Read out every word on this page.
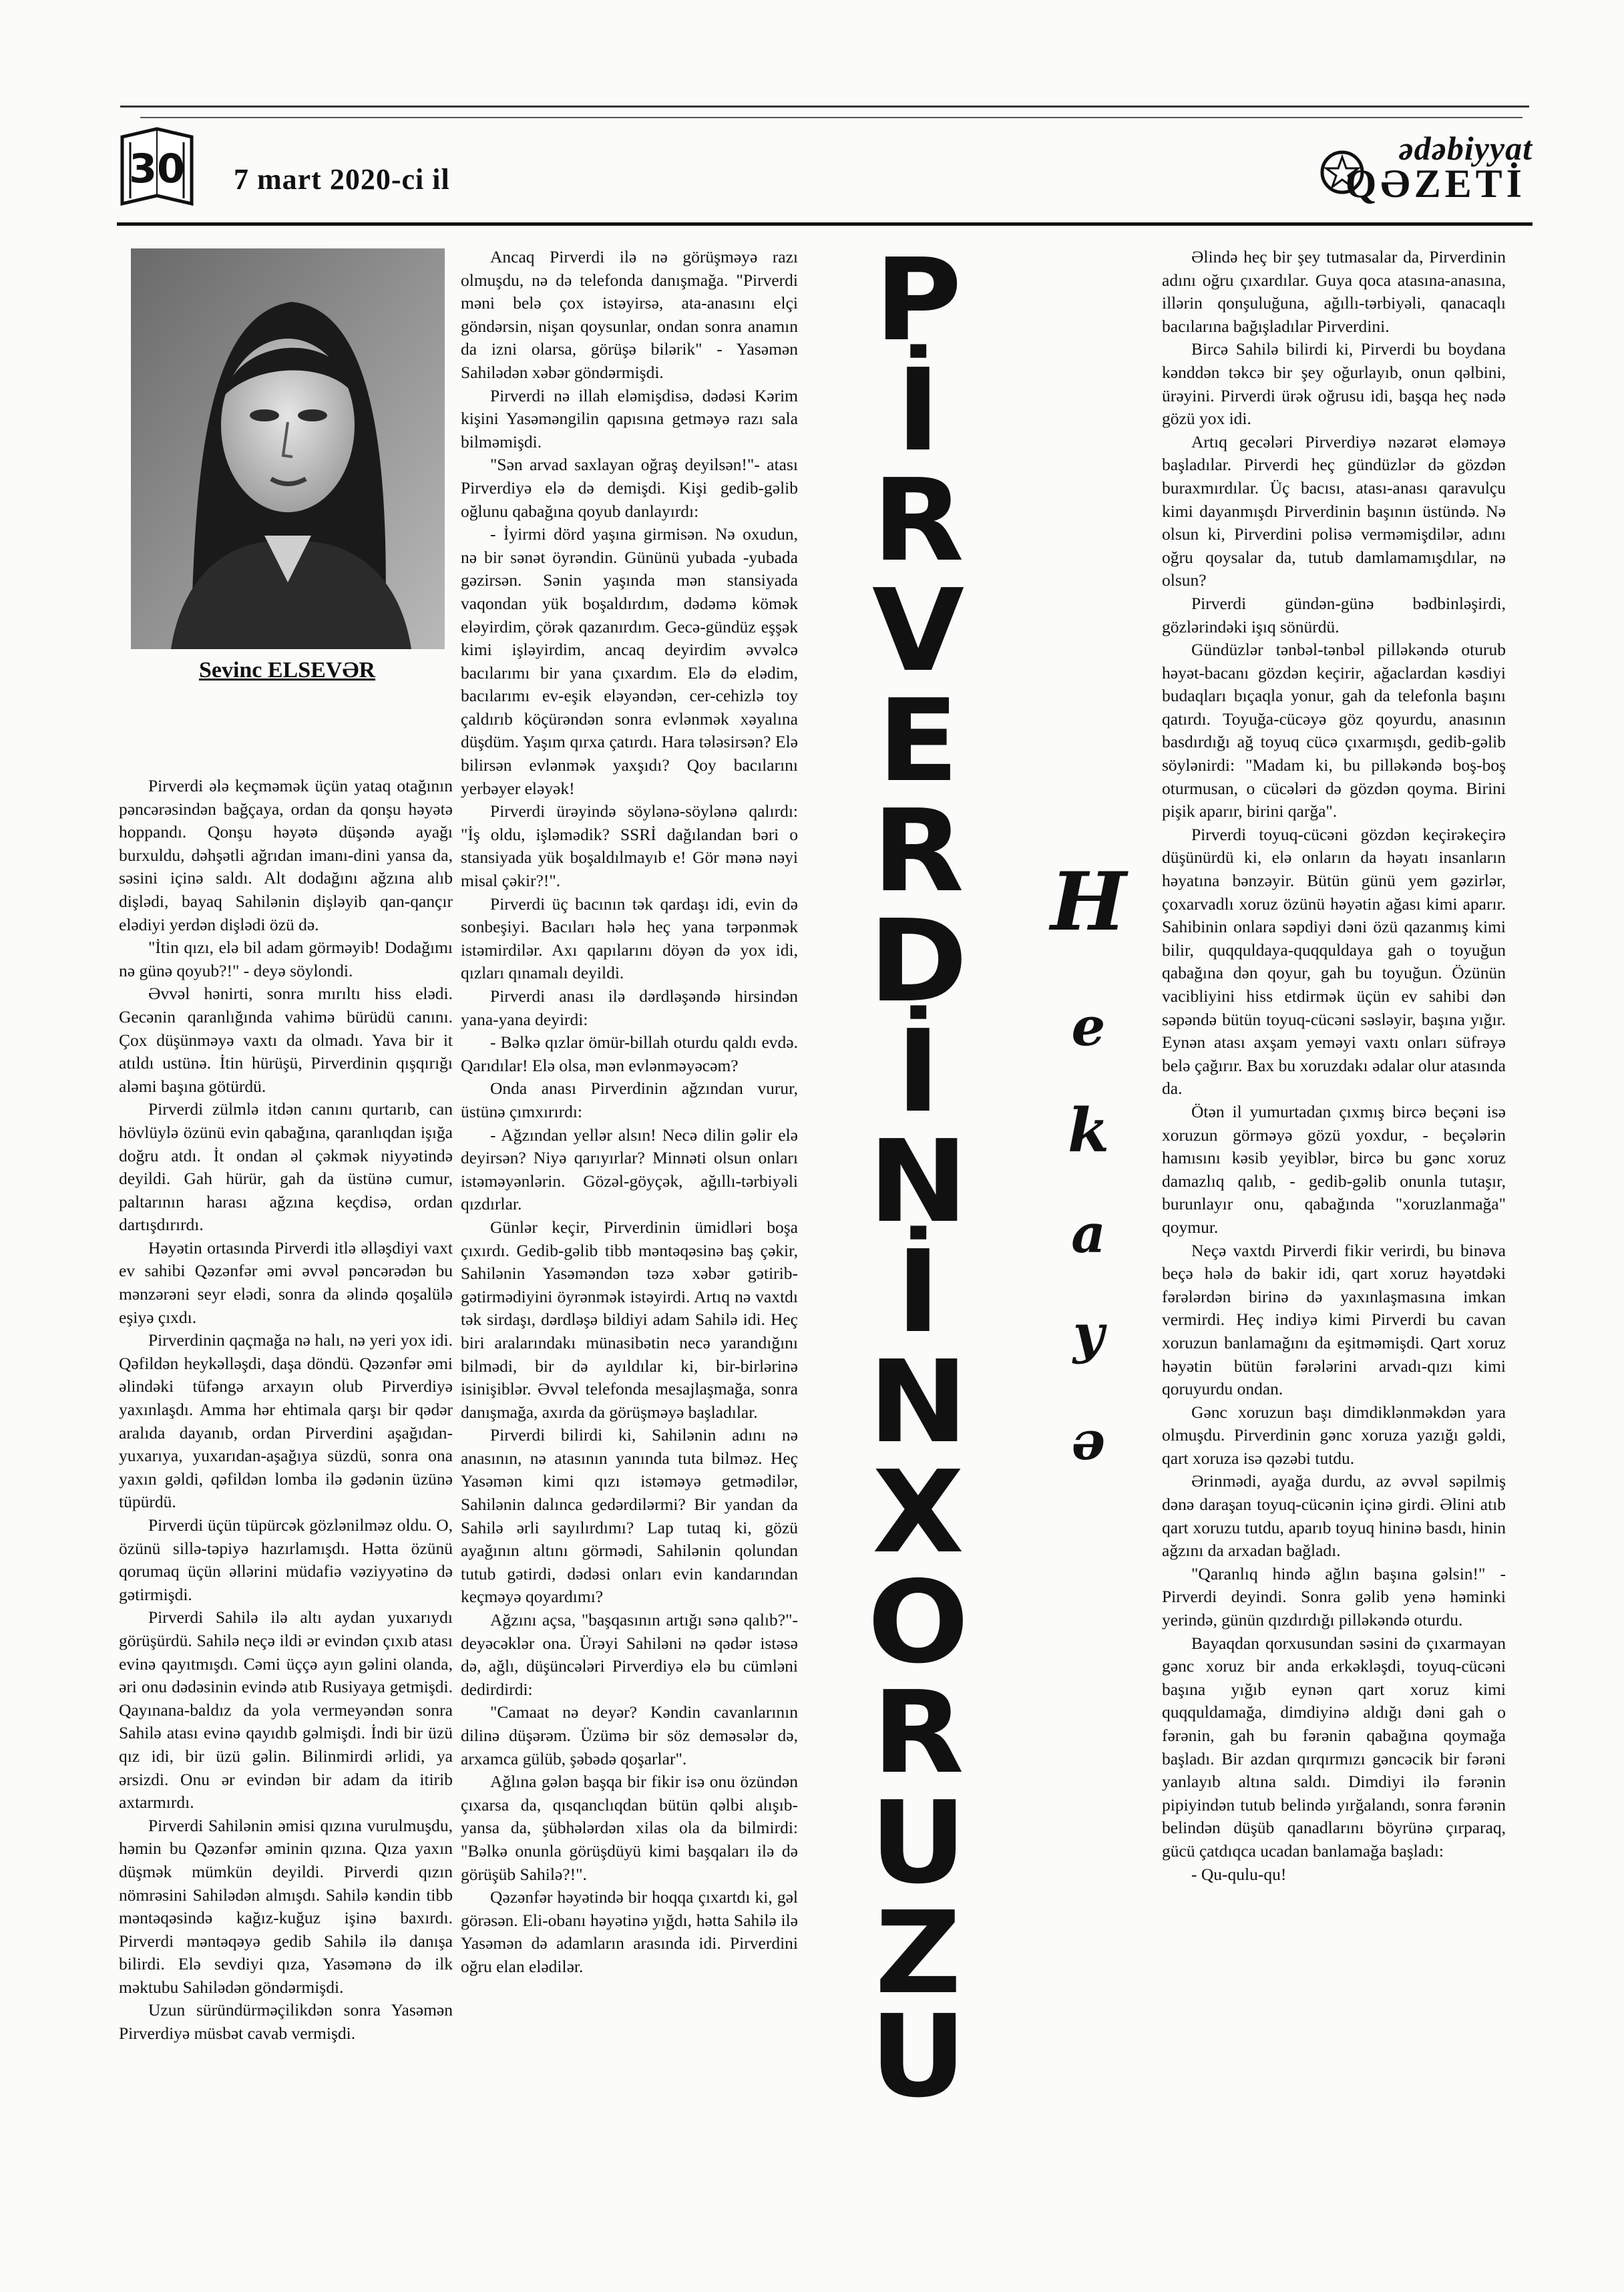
30 7 mart 2020-ci il
ədəbiyyat
QƏZETİ
Sevinc ELSEVƏR

Pirverdi ələ keçməmək üçün yataq otağının pəncərəsindən bağçaya, ordan da qonşu həyətə hoppandı. Qonşu həyətə düşəndə ayağı burxuldu, dəhşətli ağrıdan imanı-dini yansa da, səsini içinə saldı. Alt dodağını ağzına alıb dişlədi, bayaq Sahilənin dişləyib qan-qançır elədiyi yerdən dişlədi özü də.

"İtin qızı, elə bil adam görməyib! Dodağımı nə günə qoyub?!" - deyə söylondi.

Əvvəl hənirti, sonra mırıltı hiss elədi. Gecənin qaranlığında vahimə bürüdü canını. Çox düşünməyə vaxtı da olmadı. Yava bir it atıldı ustünə. İtin hürüşü, Pirverdinin qışqırığı aləmi başına götürdü.

Pirverdi zülmlə itdən canını qurtarıb, can hövlüylə özünü evin qabağına, qaranlıqdan işığa doğru atdı. İt ondan əl çəkmək niyyətində deyildi. Gah hürür, gah da üstünə cumur, paltarının harası ağzına keçdisə, ordan dartışdırırdı.

Həyətin ortasında Pirverdi itlə əlləşdiyi vaxt ev sahibi Qəzənfər əmi əvvəl pəncərədən bu mənzərəni seyr elədi, sonra da əlində qoşalülə eşiyə çıxdı.

Pirverdinin qaçmağa nə halı, nə yeri yox idi. Qəfildən heykəlləşdi, daşa döndü. Qəzənfər əmi əlindəki tüfəngə arxayın olub Pirverdiyə yaxınlaşdı. Amma hər ehtimala qarşı bir qədər aralıda dayanıb, ordan Pirverdini aşağıdan-yuxarıya, yuxarıdan-aşağıya süzdü, sonra ona yaxın gəldi, qəfildən lomba ilə gədənin üzünə tüpürdü.

Pirverdi üçün tüpürcək gözlənilməz oldu. O, özünü sillə-təpiyə hazırlamışdı. Hətta özünü qorumaq üçün əllərini müdafiə vəziyyətinə də gətirmişdi.

Pirverdi Sahilə ilə altı aydan yuxarıydı görüşürdü. Sahilə neçə ildi ər evindən çıxıb atası evinə qayıtmışdı. Cəmi üççə ayın gəlini olanda, əri onu dədəsinin evində atıb Rusiyaya getmişdi. Qayınana-baldız da yola vermeyəndən sonra Sahilə atası evinə qayıdıb gəlmişdi. İndi bir üzü qız idi, bir üzü gəlin. Bilinmirdi ərlidi, ya ərsizdi. Onu ər evindən bir adam da itirib axtarmırdı.

Pirverdi Sahilənin əmisi qızına vurulmuşdu, həmin bu Qəzənfər əminin qızına. Qıza yaxın düşmək mümkün deyildi. Pirverdi qızın nömrəsini Sahilədən almışdı. Sahilə kəndin tibb məntəqəsində kağız-kuğuz işinə baxırdı. Pirverdi məntəqəyə gedib Sahilə ilə danışa bilirdi. Elə sevdiyi qıza, Yasəmənə də ilk məktubu Sahilədən göndərmişdi.

Uzun süründürməçilikdən sonra Yasəmən Pirverdiyə müsbət cavab vermişdi.

Ancaq Pirverdi ilə nə görüşməyə razı olmuşdu, nə də telefonda danışmağa. "Pirverdi məni belə çox istəyirsə, ata-anasını elçi göndərsin, nişan qoysunlar, ondan sonra anamın da izni olarsa, görüşə bilərik" - Yasəmən Sahilədən xəbər göndərmişdi.

Pirverdi nə illah eləmişdisə, dədəsi Kərim kişini Yasəməngilin qapısına getməyə razı sala bilməmişdi.

"Sən arvad saxlayan oğraş deyilsən!"- atası Pirverdiyə elə də demişdi. Kişi gedib-gəlib oğlunu qabağına qoyub danlayırdı:

- İyirmi dörd yaşına girmisən. Nə oxudun, nə bir sənət öyrəndin. Gününü yubada -yubada gəzirsən. Sənin yaşında mən stansiyada vaqondan yük boşaldırdım, dədəmə kömək eləyirdim, çörək qazanırdım. Gecə-gündüz eşşək kimi işləyirdim, ancaq deyirdim əvvəlcə bacılarımı bir yana çıxardım. Elə də elədim, bacılarımı ev-eşik eləyəndən, cer-cehizlə toy çaldırıb köçürəndən sonra evlənmək xəyalına düşdüm. Yaşım qırxa çatırdı. Hara tələsirsən? Elə bilirsən evlənmək yaxşıdı? Qoy bacılarını yerbəyer eləyək!

Pirverdi ürəyində söylənə-söylənə qalırdı: "İş oldu, işləmədik? SSRİ dağılandan bəri o stansiyada yük boşaldılmayıb e! Gör mənə nəyi misal çəkir?!".

Pirverdi üç bacının tək qardaşı idi, evin də sonbeşiyi. Bacıları hələ heç yana tərpənmək istəmirdilər. Axı qapılarını döyən də yox idi, qızları qınamalı deyildi.

Pirverdi anası ilə dərdləşəndə hirsindən yana-yana deyirdi:

- Bəlkə qızlar ömür-billah oturdu qaldı evdə. Qarıdılar! Elə olsa, mən evlənməyəcəm?

Onda anası Pirverdinin ağzından vurur, üstünə çımxırırdı:

- Ağzından yellər alsın! Necə dilin gəlir elə deyirsən? Niyə qarıyırlar? Minnəti olsun onları istəməyənlərin. Gözəl-göyçək, ağıllı-tərbiyəli qızdırlar.

Günlər keçir, Pirverdinin ümidləri boşa çıxırdı. Gedib-gəlib tibb məntəqəsinə baş çəkir, Sahilənin Yasəməndən təzə xəbər gətirib-gətirmədiyini öyrənmək istəyirdi. Artıq nə vaxtdı tək sirdaşı, dərdləşə bildiyi adam Sahilə idi. Heç biri aralarındakı münasibətin necə yarandığını bilmədi, bir də ayıldılar ki, bir-birlərinə isinişiblər. Əvvəl telefonda mesajlaşmağa, sonra danışmağa, axırda da görüşməyə başladılar.

Pirverdi bilirdi ki, Sahilənin adını nə anasının, nə atasının yanında tuta bilməz. Heç Yasəmən kimi qızı istəməyə getmədilər, Sahilənin dalınca gedərdilərmi? Bir yandan da Sahilə ərli sayılırdımı? Lap tutaq ki, gözü ayağının altını görmədi, Sahilənin qolundan tutub gətirdi, dədəsi onları evin kandarından keçməyə qoyardımı?

Ağzını açsa, "başqasının artığı sənə qalıb?"- deyəcəklər ona. Ürəyi Sahiləni nə qədər istəsə də, ağlı, düşüncələri Pirverdiyə elə bu cümləni dedirdirdi:

"Camaat nə deyər? Kəndin cavanlarının dilinə düşərəm. Üzümə bir söz deməsələr də, arxamca gülüb, şəbədə qoşarlar".

Ağlına gələn başqa bir fikir isə onu özündən çıxarsa da, qısqanclıqdan bütün qəlbi alışıb-yansa da, şübhələrdən xilas ola da bilmirdi: "Bəlkə onunla görüşdüyü kimi başqaları ilə də görüşüb Sahilə?!".

Qəzənfər həyətində bir hoqqa çıxartdı ki, gəl görəsən. Eli-obanı həyətinə yığdı, hətta Sahilə ilə Yasəmən də adamların arasında idi. Pirverdini oğru elan elədilər.

P
İ
R
V
E
R
D
İ
N
İ
N
X
O
R
U
Z
U
H
e
k
a
y
ə

Əlində heç bir şey tutmasalar da, Pirverdinin adını oğru çıxardılar. Guya qoca atasına-anasına, illərin qonşuluğuna, ağıllı-tərbiyəli, qanacaqlı bacılarına bağışladılar Pirverdini.

Bircə Sahilə bilirdi ki, Pirverdi bu boydana kənddən təkcə bir şey oğurlayıb, onun qəlbini, ürəyini. Pirverdi ürək oğrusu idi, başqa heç nədə gözü yox idi.

Artıq gecələri Pirverdiyə nəzarət eləməyə başladılar. Pirverdi heç gündüzlər də gözdən buraxmırdılar. Üç bacısı, atası-anası qaravulçu kimi dayanmışdı Pirverdinin başının üstündə. Nə olsun ki, Pirverdini polisə verməmişdilər, adını oğru qoysalar da, tutub damlamamışdılar, nə olsun?

Pirverdi gündən-günə bədbinləşirdi, gözlərindəki işıq sönürdü.

Gündüzlər tənbəl-tənbəl pilləkəndə oturub həyət-bacanı gözdən keçirir, ağaclardan kəsdiyi budaqları bıçaqla yonur, gah da telefonla başını qatırdı. Toyuğa-cücəyə göz qoyurdu, anasının basdırdığı ağ toyuq cücə çıxarmışdı, gedib-gəlib söylənirdi: "Madam ki, bu pilləkəndə boş-boş oturmusan, o cücələri də gözdən qoyma. Birini pişik aparır, birini qarğa".

Pirverdi toyuq-cücəni gözdən keçirəkeçirə düşünürdü ki, elə onların da həyatı insanların həyatına bənzəyir. Bütün günü yem gəzirlər, çoxarvadlı xoruz özünü həyətin ağası kimi aparır. Sahibinin onlara səpdiyi dəni özü qazanmış kimi bilir, quqquldaya-quqquldaya gah o toyuğun qabağına dən qoyur, gah bu toyuğun. Özünün vacibliyini hiss etdirmək üçün ev sahibi dən səpəndə bütün toyuq-cücəni səsləyir, başına yığır. Eynən atası axşam yeməyi vaxtı onları süfrəyə belə çağırır. Bax bu xoruzdakı ədalar olur atasında da.

Ötən il yumurtadan çıxmış bircə beçəni isə xoruzun görməyə gözü yoxdur, - beçələrin hamısını kəsib yeyiblər, bircə bu gənc xoruz damazlıq qalıb, - gedib-gəlib onunla tutaşır, burunlayır onu, qabağında "xoruzlanmağa" qoymur.

Neçə vaxtdı Pirverdi fikir verirdi, bu binəva beçə hələ də bakir idi, qart xoruz həyətdəki fərələrdən birinə də yaxınlaşmasına imkan vermirdi. Heç indiyə kimi Pirverdi bu cavan xoruzun banlamağını da eşitməmişdi. Qart xoruz həyətin bütün fərələrini arvadı-qızı kimi qoruyurdu ondan.

Gənc xoruzun başı dimdiklənməkdən yara olmuşdu. Pirverdinin gənc xoruza yazığı gəldi, qart xoruza isə qəzəbi tutdu.

Ərinmədi, ayağa durdu, az əvvəl səpilmiş dənə daraşan toyuq-cücənin içinə girdi. Əlini atıb qart xoruzu tutdu, aparıb toyuq hininə basdı, hinin ağzını da arxadan bağladı.

"Qaranlıq hində ağlın başına gəlsin!" - Pirverdi deyindi. Sonra gəlib yenə həminki yerində, günün qızdırdığı pilləkəndə oturdu.

Bayaqdan qorxusundan səsini də çıxarmayan gənc xoruz bir anda erkəkləşdi, toyuq-cücəni başına yığıb eynən qart xoruz kimi quqquldamağa, dimdiyinə aldığı dəni gah o fərənin, gah bu fərənin qabağına qoymağa başladı. Bir azdan qırqırmızı gəncəcik bir fərəni yanlayıb altına saldı. Dimdiyi ilə fərənin pipiyindən tutub belində yırğalandı, sonra fərənin belindən düşüb qanadlarını böyrünə çırparaq, gücü çatdıqca ucadan banlamağa başladı:

- Qu-qulu-qu!
